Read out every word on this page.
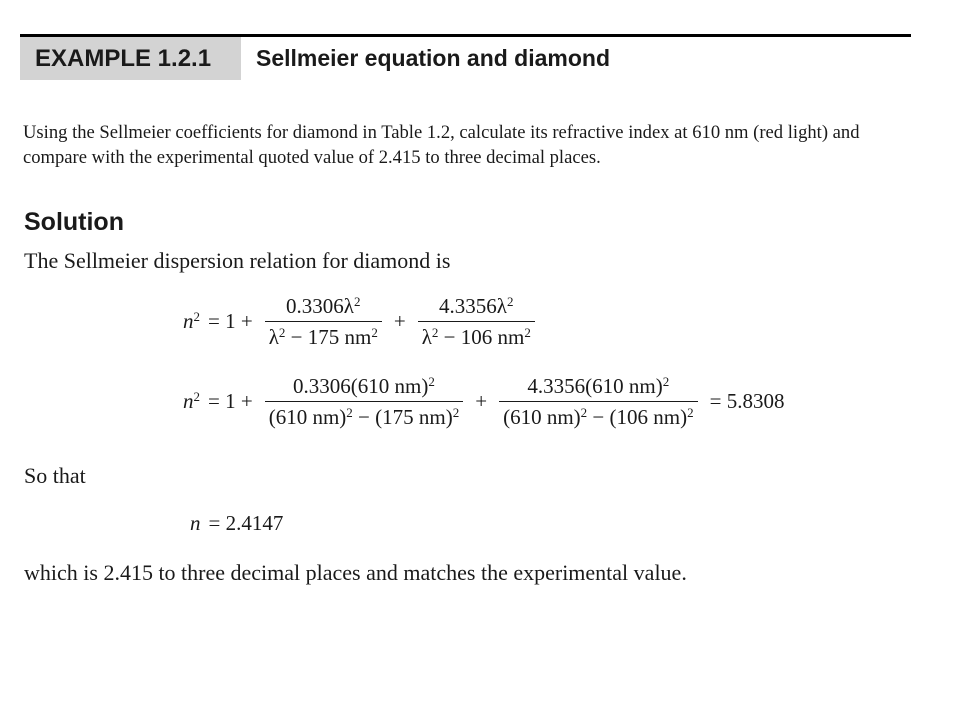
EXAMPLE 1.2.1	Sellmeier equation and diamond

Using the Sellmeier coefficients for diamond in Table 1.2, calculate its refractive index at 610 nm (red light) and compare with the experimental quoted value of 2.415 to three decimal places.

Solution
The Sellmeier dispersion relation for diamond is
$n^2 = 1 + \frac{0.3306\lambda^2}{\lambda^2 - 175 nm^2} + \frac{4.3356\lambda^2}{\lambda^2 - 106 nm^2}$
$n^2 = 1 + \frac{0.3306(610 nm)^2}{(610 nm)^2 - (175 nm)^2} + \frac{4.3356(610 nm)^2}{(610 nm)^2 - (106 nm)^2} = 5.8308$
So that
n = 2.4147
which is 2.415 to three decimal places and matches the experimental value.
